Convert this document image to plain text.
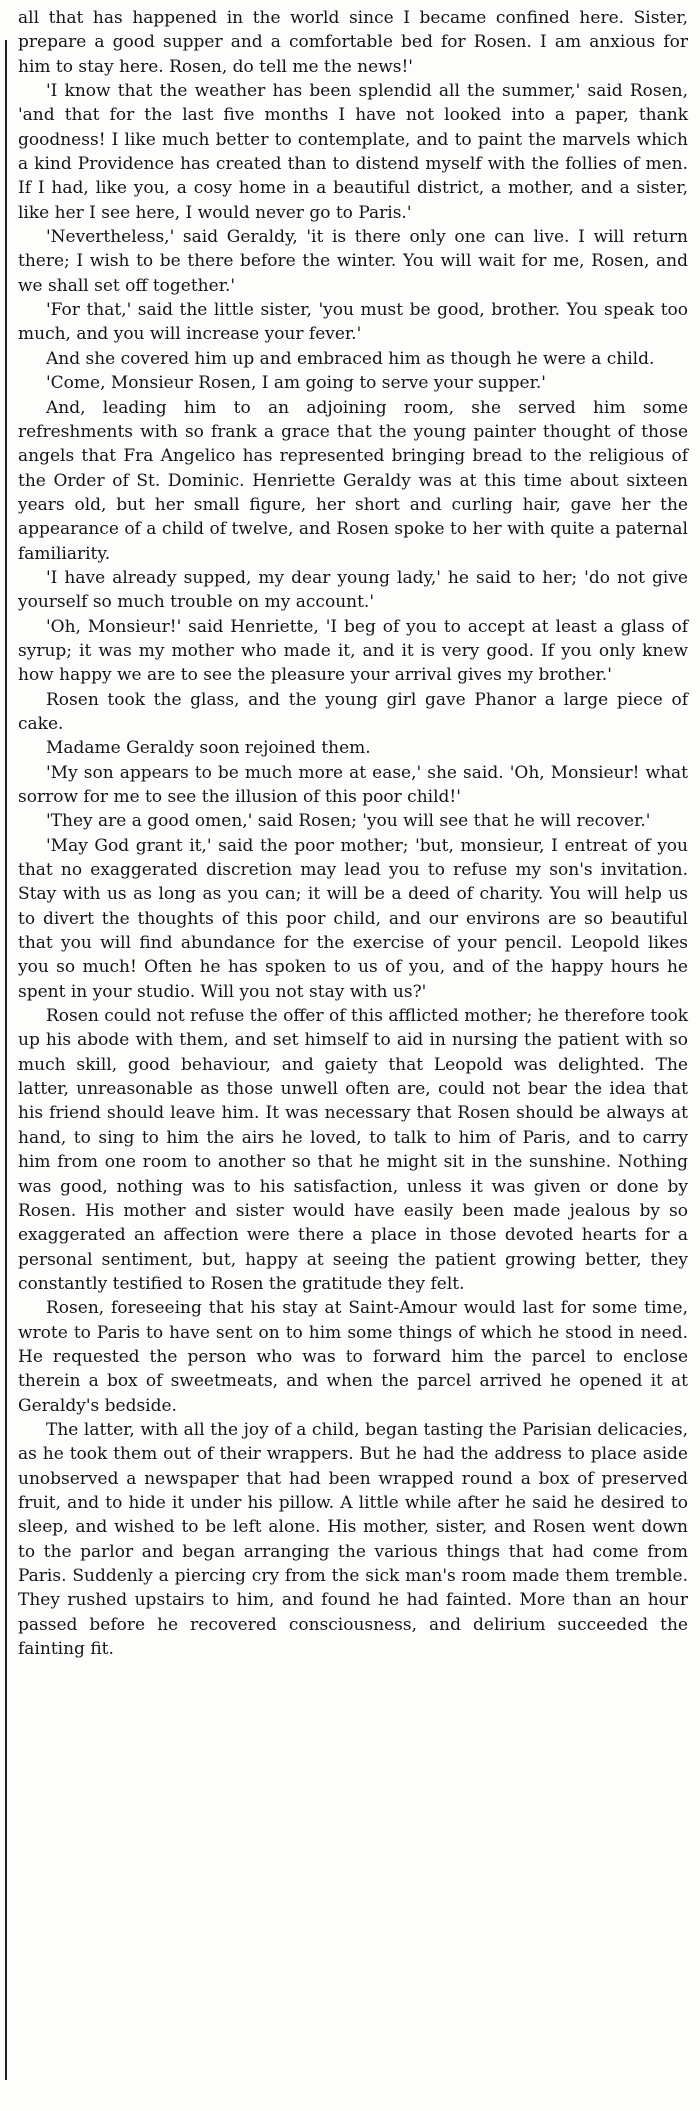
all that has happened in the world since I became confined here. Sister, prepare a good supper and a comfortable bed for Rosen. I am anxious for him to stay here. Rosen, do tell me the news!'

'I know that the weather has been splendid all the summer,' said Rosen, 'and that for the last five months I have not looked into a paper, thank goodness! I like much better to contemplate, and to paint the marvels which a kind Providence has created than to distend myself with the follies of men. If I had, like you, a cosy home in a beautiful district, a mother, and a sister, like her I see here, I would never go to Paris.'

'Nevertheless,' said Geraldy, 'it is there only one can live. I will return there; I wish to be there before the winter. You will wait for me, Rosen, and we shall set off together.'

'For that,' said the little sister, 'you must be good, brother. You speak too much, and you will increase your fever.'

And she covered him up and embraced him as though he were a child.

'Come, Monsieur Rosen, I am going to serve your supper.'

And, leading him to an adjoining room, she served him some refreshments with so frank a grace that the young painter thought of those angels that Fra Angelico has represented bringing bread to the religious of the Order of St. Dominic. Henriette Geraldy was at this time about sixteen years old, but her small figure, her short and curling hair, gave her the appearance of a child of twelve, and Rosen spoke to her with quite a paternal familiarity.

'I have already supped, my dear young lady,' he said to her; 'do not give yourself so much trouble on my account.'

'Oh, Monsieur!' said Henriette, 'I beg of you to accept at least a glass of syrup; it was my mother who made it, and it is very good. If you only knew how happy we are to see the pleasure your arrival gives my brother.'

Rosen took the glass, and the young girl gave Phanor a large piece of cake.

Madame Geraldy soon rejoined them.

'My son appears to be much more at ease,' she said. 'Oh, Monsieur! what sorrow for me to see the illusion of this poor child!'

'They are a good omen,' said Rosen; 'you will see that he will recover.'

'May God grant it,' said the poor mother; 'but, monsieur, I entreat of you that no exaggerated discretion may lead you to refuse my son's invitation. Stay with us as long as you can; it will be a deed of charity. You will help us to divert the thoughts of this poor child, and our environs are so beautiful that you will find abundance for the exercise of your pencil. Leopold likes you so much! Often he has spoken to us of you, and of the happy hours he spent in your studio. Will you not stay with us?'

Rosen could not refuse the offer of this afflicted mother; he therefore took up his abode with them, and set himself to aid in nursing the patient with so much skill, good behaviour, and gaiety that Leopold was delighted. The latter, unreasonable as those unwell often are, could not bear the idea that his friend should leave him. It was necessary that Rosen should be always at hand, to sing to him the airs he loved, to talk to him of Paris, and to carry him from one room to another so that he might sit in the sunshine. Nothing was good, nothing was to his satisfaction, unless it was given or done by Rosen. His mother and sister would have easily been made jealous by so exaggerated an affection were there a place in those devoted hearts for a personal sentiment, but, happy at seeing the patient growing better, they constantly testified to Rosen the gratitude they felt.

Rosen, foreseeing that his stay at Saint-Amour would last for some time, wrote to Paris to have sent on to him some things of which he stood in need. He requested the person who was to forward him the parcel to enclose therein a box of sweetmeats, and when the parcel arrived he opened it at Geraldy's bedside.

The latter, with all the joy of a child, began tasting the Parisian delicacies, as he took them out of their wrappers. But he had the address to place aside unobserved a newspaper that had been wrapped round a box of preserved fruit, and to hide it under his pillow. A little while after he said he desired to sleep, and wished to be left alone. His mother, sister, and Rosen went down to the parlor and began arranging the various things that had come from Paris. Suddenly a piercing cry from the sick man's room made them tremble. They rushed upstairs to him, and found he had fainted. More than an hour passed before he recovered consciousness, and delirium succeeded the fainting fit.
